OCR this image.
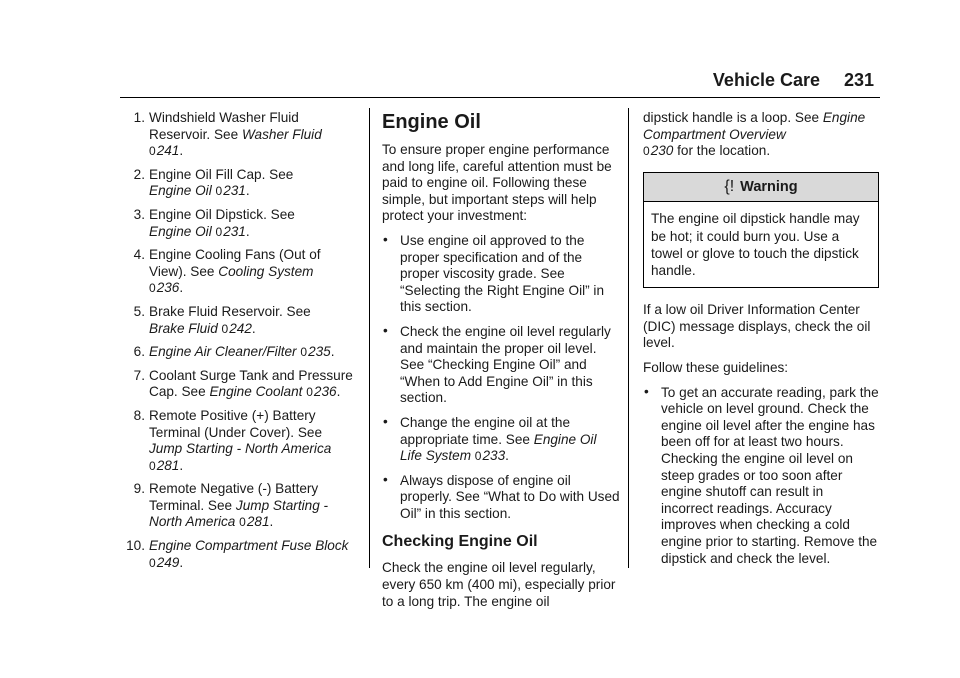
Vehicle Care 231
1. Windshield Washer Fluid Reservoir. See Washer Fluid
0241.
2. Engine Oil Fill Cap. See
Engine Oil 0231.
3. Engine Oil Dipstick. See
Engine Oil 0231.
4. Engine Cooling Fans (Out of View). See Cooling System
0236.
5. Brake Fluid Reservoir. See
Brake Fluid 0242.
6. Engine Air Cleaner/Filter 0235.
7. Coolant Surge Tank and Pressure Cap. See Engine Coolant 0236.
8. Remote Positive (+) Battery Terminal (Under Cover). See Jump Starting - North America
0281.
9. Remote Negative (-) Battery Terminal. See Jump Starting - North America 0281.
10. Engine Compartment Fuse Block 0249.
Engine Oil

To ensure proper engine performance and long life, careful attention must be paid to engine oil. Following these simple, but important steps will help protect your investment:

• Use engine oil approved to the proper specification and of the proper viscosity grade. See “Selecting the Right Engine Oil” in this section.
• Check the engine oil level regularly and maintain the proper oil level. See “Checking Engine Oil” and “When to Add Engine Oil” in this section.
• Change the engine oil at the appropriate time. See Engine Oil Life System 0233.
• Always dispose of engine oil properly. See “What to Do with Used Oil” in this section.
Checking Engine Oil

Check the engine oil level regularly, every 650 km (400 mi), especially prior to a long trip. The engine oil

dipstick handle is a loop. See Engine Compartment Overview
0230 for the location.

{! Warning
The engine oil dipstick handle may be hot; it could burn you. Use a towel or glove to touch the dipstick handle.

If a low oil Driver Information Center (DIC) message displays, check the oil level.

Follow these guidelines:

• To get an accurate reading, park the vehicle on level ground. Check the engine oil level after the engine has been off for at least two hours. Checking the engine oil level on steep grades or too soon after engine shutoff can result in incorrect readings. Accuracy improves when checking a cold engine prior to starting. Remove the dipstick and check the level.
